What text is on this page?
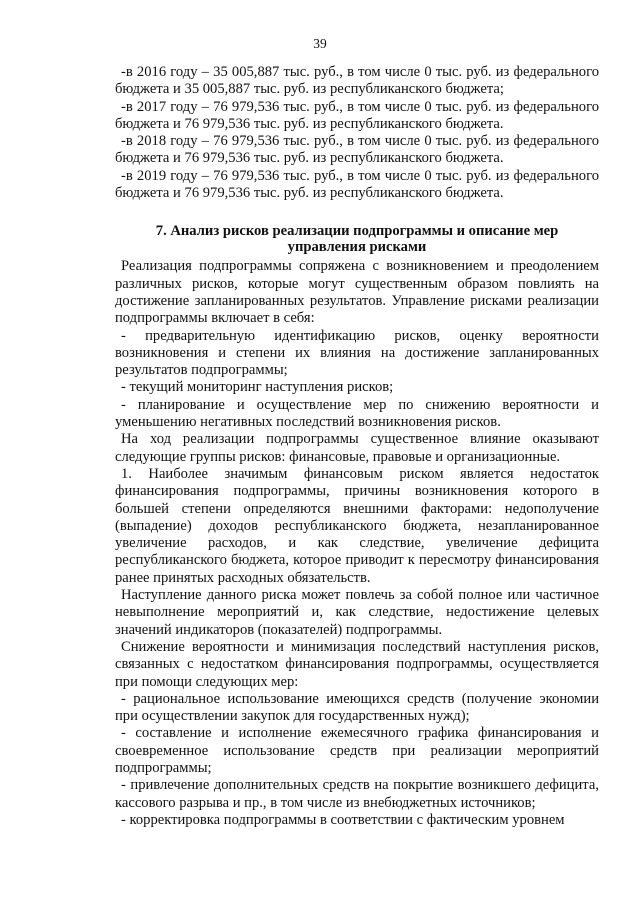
39

-в 2016 году – 35 005,887 тыс. руб., в том числе 0 тыс. руб. из федерального бюджета и 35 005,887 тыс. руб. из республиканского бюджета;

-в 2017 году – 76 979,536 тыс. руб., в том числе 0 тыс. руб. из федерального бюджета и 76 979,536 тыс. руб. из республиканского бюджета.

-в 2018 году – 76 979,536 тыс. руб., в том числе 0 тыс. руб. из федерального бюджета и 76 979,536 тыс. руб. из республиканского бюджета.

-в 2019 году – 76 979,536 тыс. руб., в том числе 0 тыс. руб. из федерального бюджета и 76 979,536 тыс. руб. из республиканского бюджета.

7. Анализ рисков реализации подпрограммы и описание мер управления рисками

Реализация подпрограммы сопряжена с возникновением и преодолением различных рисков, которые могут существенным образом повлиять на достижение запланированных результатов. Управление рисками реализации подпрограммы включает в себя:

- предварительную идентификацию рисков, оценку вероятности возникновения и степени их влияния на достижение запланированных результатов подпрограммы;

- текущий мониторинг наступления рисков;

- планирование и осуществление мер по снижению вероятности и уменьшению негативных последствий возникновения рисков.

На ход реализации подпрограммы существенное влияние оказывают следующие группы рисков: финансовые, правовые и организационные.

1. Наиболее значимым финансовым риском является недостаток финансирования подпрограммы, причины возникновения которого в большей степени определяются внешними факторами: недополучение (выпадение) доходов республиканского бюджета, незапланированное увеличение расходов, и как следствие, увеличение дефицита республиканского бюджета, которое приводит к пересмотру финансирования ранее принятых расходных обязательств.

Наступление данного риска может повлечь за собой полное или частичное невыполнение мероприятий и, как следствие, недостижение целевых значений индикаторов (показателей) подпрограммы.

Снижение вероятности и минимизация последствий наступления рисков, связанных с недостатком финансирования подпрограммы, осуществляется при помощи следующих мер:

- рациональное использование имеющихся средств (получение экономии при осуществлении закупок для государственных нужд);

- составление и исполнение ежемесячного графика финансирования и своевременное использование средств при реализации мероприятий подпрограммы;

- привлечение дополнительных средств на покрытие возникшего дефицита, кассового разрыва и пр., в том числе из внебюджетных источников;

- корректировка подпрограммы в соответствии с фактическим уровнем
